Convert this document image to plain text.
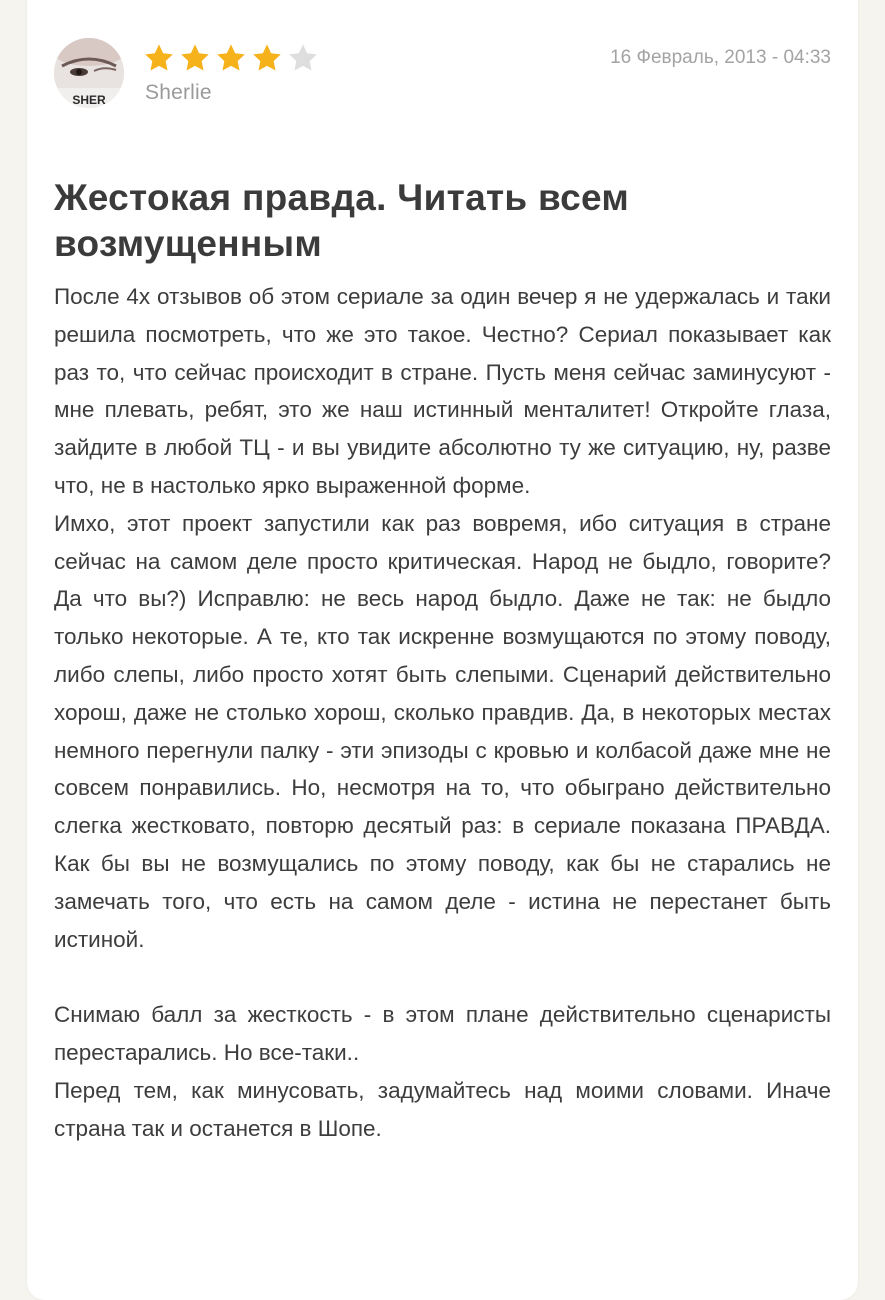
SHER Sherlie
16 Февраль, 2013 - 04:33
Жестокая правда. Читать всем возмущенным

После 4х отзывов об этом сериале за один вечер я не удержалась и таки решила посмотреть, что же это такое. Честно? Сериал показывает как раз то, что сейчас происходит в стране. Пусть меня сейчас заминусуют - мне плевать, ребят, это же наш истинный менталитет! Откройте глаза, зайдите в любой ТЦ - и вы увидите абсолютно ту же ситуацию, ну, разве что, не в настолько ярко выраженной форме.

Имхо, этот проект запустили как раз вовремя, ибо ситуация в стране сейчас на самом деле просто критическая. Народ не быдло, говорите? Да что вы?) Исправлю: не весь народ быдло. Даже не так: не быдло только некоторые. А те, кто так искренне возмущаются по этому поводу, либо слепы, либо просто хотят быть слепыми. Сценарий действительно хорош, даже не столько хорош, сколько правдив. Да, в некоторых местах немного перегнули палку - эти эпизоды с кровью и колбасой даже мне не совсем понравились. Но, несмотря на то, что обыграно действительно слегка жестковато, повторю десятый раз: в сериале показана ПРАВДА. Как бы вы не возмущались по этому поводу, как бы не старались не замечать того, что есть на самом деле - истина не перестанет быть истиной.

Снимаю балл за жесткость - в этом плане действительно сценаристы перестарались. Но все-таки..

Перед тем, как минусовать, задумайтесь над моими словами. Иначе страна так и останется в Шопе.
